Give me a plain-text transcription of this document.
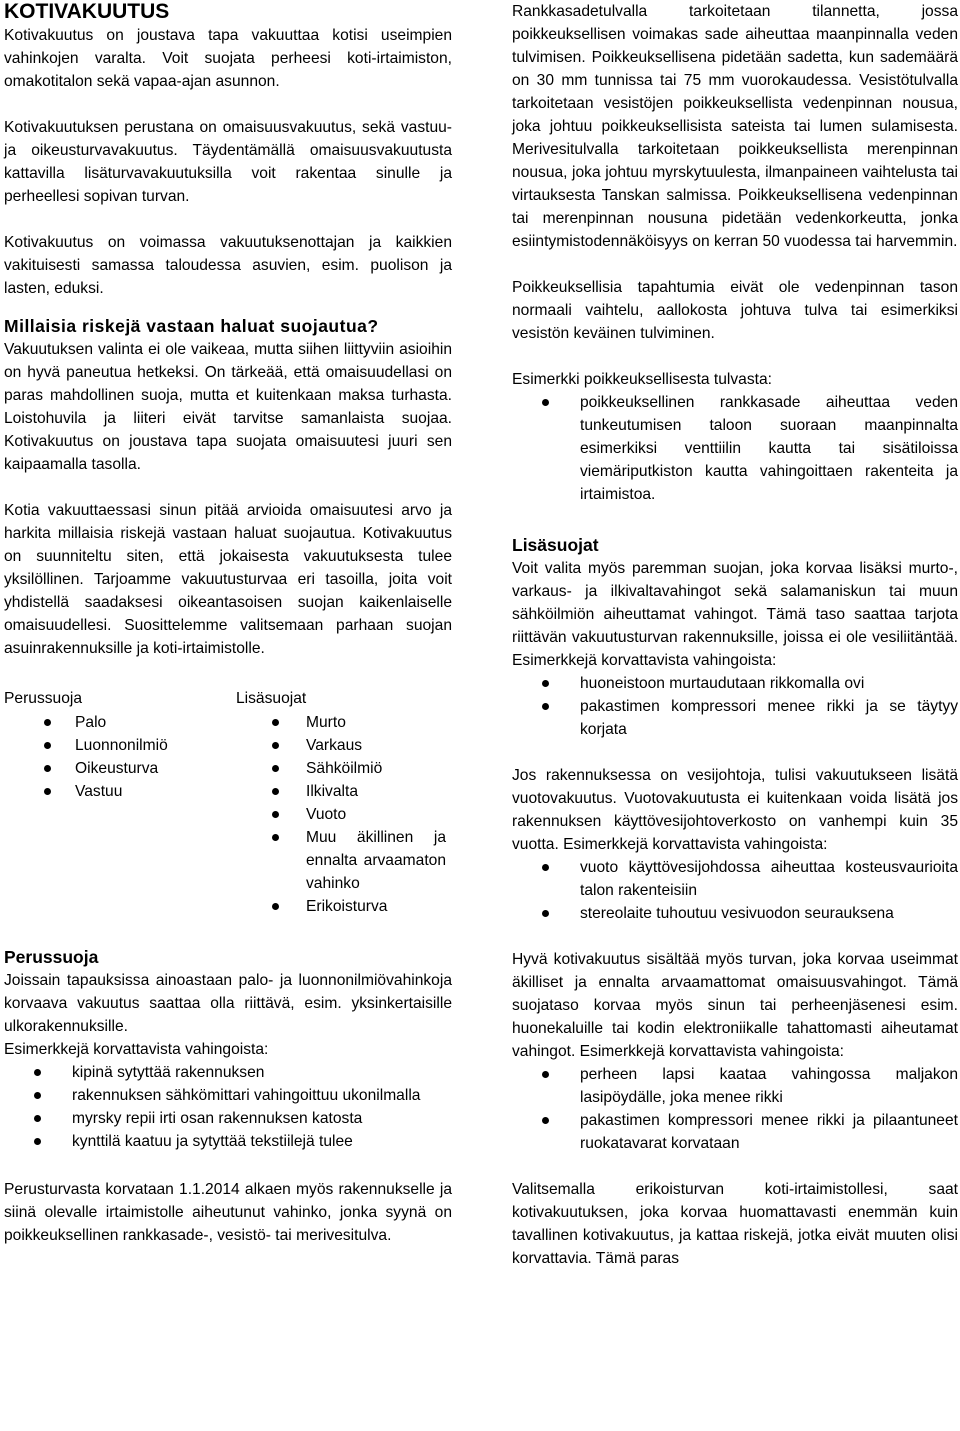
KOTIVAKUUTUS

Kotivakuutus on joustava tapa vakuuttaa kotisi useimpien vahinkojen varalta. Voit suojata perheesi koti-irtaimiston, omakotitalon sekä vapaa-ajan asunnon.

Kotivakuutuksen perustana on omaisuusvakuutus, sekä vastuu- ja oikeusturvavakuutus. Täydentämällä omaisuusvakuutusta kattavilla lisäturvavakuutuksilla voit rakentaa sinulle ja perheellesi sopivan turvan.

Kotivakuutus on voimassa vakuutuksenottajan ja kaikkien vakituisesti samassa taloudessa asuvien, esim. puolison ja lasten, eduksi.

Millaisia riskejä vastaan haluat suojautua?

Vakuutuksen valinta ei ole vaikeaa, mutta siihen liittyviin asioihin on hyvä paneutua hetkeksi. On tärkeää, että omaisuudellasi on paras mahdollinen suoja, mutta et kuitenkaan maksa turhasta. Loistohuvila ja liiteri eivät tarvitse samanlaista suojaa. Kotivakuutus on joustava tapa suojata omaisuutesi juuri sen kaipaamalla tasolla.

Kotia vakuuttaessasi sinun pitää arvioida omaisuutesi arvo ja harkita millaisia riskejä vastaan haluat suojautua. Kotivakuutus on suunniteltu siten, että jokaisesta vakuutuksesta tulee yksilöllinen. Tarjoamme vakuutusturvaa eri tasoilla, joita voit yhdistellä saadaksesi oikeantasoisen suojan kaikenlaiselle omaisuudellesi. Suosittelemme valitsemaan parhaan suojan asuinrakennuksille ja koti-irtaimistolle.

Perussuoja
Palo
Luonnonilmiö
Oikeusturva
Vastuu
Lisäsuojat
Murto
Varkaus
Sähköilmiö
Ilkivalta
Vuoto
Muu äkillinen ja ennalta arvaamaton vahinko
Erikoisturva
Perussuoja

Joissain tapauksissa ainoastaan palo- ja luonnonilmiövahinkoja korvaava vakuutus saattaa olla riittävä, esim. yksinkertaisille ulkorakennuksille.

Esimerkkejä korvattavista vahingoista:

kipinä sytyttää rakennuksen
rakennuksen sähkömittari vahingoittuu ukonilmalla
myrsky repii irti osan rakennuksen katosta
kynttilä kaatuu ja sytyttää tekstiilejä tulee

Perusturvasta korvataan 1.1.2014 alkaen myös rakennukselle ja siinä olevalle irtaimistolle aiheutunut vahinko, jonka syynä on poikkeuksellinen rankkasade-, vesistö- tai merivesitulva.

Rankkasadetulvalla tarkoitetaan tilannetta, jossa poikkeuksellisen voimakas sade aiheuttaa maanpinnalla veden tulvimisen. Poikkeuksellisena pidetään sadetta, kun sademäärä on 30 mm tunnissa tai 75 mm vuorokaudessa. Vesistötulvalla tarkoitetaan vesistöjen poikkeuksellista vedenpinnan nousua, joka johtuu poikkeuksellisista sateista tai lumen sulamisesta. Merivesitulvalla tarkoitetaan poikkeuksellista merenpinnan nousua, joka johtuu myrskytuulesta, ilmanpaineen vaihtelusta tai virtauksesta Tanskan salmissa. Poikkeuksellisena vedenpinnan tai merenpinnan nousuna pidetään vedenkorkeutta, jonka esiintymistodennäköisyys on kerran 50 vuodessa tai harvemmin.

Poikkeuksellisia tapahtumia eivät ole vedenpinnan tason normaali vaihtelu, aallokosta johtuva tulva tai esimerkiksi vesistön keväinen tulviminen.

Esimerkki poikkeuksellisesta tulvasta:

poikkeuksellinen rankkasade aiheuttaa veden tunkeutumisen taloon suoraan maanpinnalta esimerkiksi venttiilin kautta tai sisätiloissa viemäriputkiston kautta vahingoittaen rakenteita ja irtaimistoa.
Lisäsuojat

Voit valita myös paremman suojan, joka korvaa lisäksi murto-, varkaus- ja ilkivaltavahingot sekä salamaniskun tai muun sähköilmiön aiheuttamat vahingot. Tämä taso saattaa tarjota riittävän vakuutusturvan rakennuksille, joissa ei ole vesiliitäntää. Esimerkkejä korvattavista vahingoista:

huoneistoon murtaudutaan rikkomalla ovi
pakastimen kompressori menee rikki ja se täytyy korjata

Jos rakennuksessa on vesijohtoja, tulisi vakuutukseen lisätä vuotovakuutus. Vuotovakuutusta ei kuitenkaan voida lisätä jos rakennuksen käyttövesijohtoverkosto on vanhempi kuin 35 vuotta. Esimerkkejä korvattavista vahingoista:

vuoto käyttövesijohdossa aiheuttaa kosteusvaurioita talon rakenteisiin
stereolaite tuhoutuu vesivuodon seurauksena

Hyvä kotivakuutus sisältää myös turvan, joka korvaa useimmat äkilliset ja ennalta arvaamattomat omaisuusvahingot. Tämä suojataso korvaa myös sinun tai perheenjäsenesi esim. huonekaluille tai kodin elektroniikalle tahattomasti aiheutamat vahingot. Esimerkkejä korvattavista vahingoista:

perheen lapsi kaataa vahingossa maljakon lasipöydälle, joka menee rikki
pakastimen kompressori menee rikki ja pilaantuneet ruokatavarat korvataan

Valitsemalla erikoisturvan koti-irtaimistollesi, saat kotivakuutuksen, joka korvaa huomattavasti enemmän kuin tavallinen kotivakuutus, ja kattaa riskejä, jotka eivät muuten olisi korvattavia. Tämä paras
